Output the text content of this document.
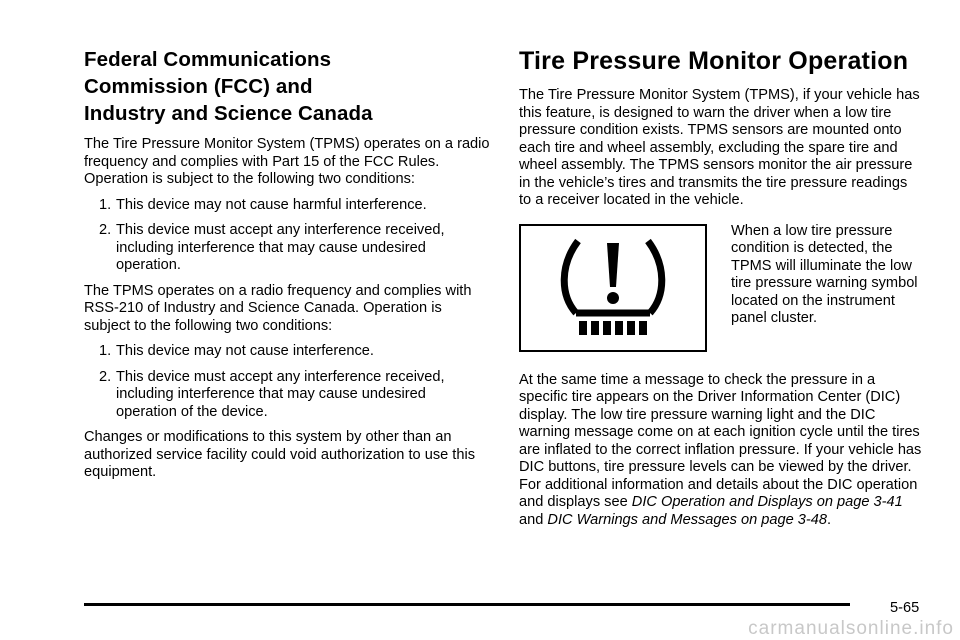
Federal Communications
Commission (FCC) and
Industry and Science Canada

The Tire Pressure Monitor System (TPMS) operates on a radio frequency and complies with Part 15 of the FCC Rules. Operation is subject to the following two conditions:

1. This device may not cause harmful interference.
2. This device must accept any interference received, including interference that may cause undesired operation.

The TPMS operates on a radio frequency and complies with RSS-210 of Industry and Science Canada. Operation is subject to the following two conditions:

1. This device may not cause interference.
2. This device must accept any interference received, including interference that may cause undesired operation of the device.

Changes or modifications to this system by other than an authorized service facility could void authorization to use this equipment.

Tire Pressure Monitor Operation

The Tire Pressure Monitor System (TPMS), if your vehicle has this feature, is designed to warn the driver when a low tire pressure condition exists. TPMS sensors are mounted onto each tire and wheel assembly, excluding the spare tire and wheel assembly. The TPMS sensors monitor the air pressure in the vehicle’s tires and transmits the tire pressure readings to a receiver located in the vehicle.

When a low tire pressure condition is detected, the TPMS will illuminate the low tire pressure warning symbol located on the instrument panel cluster.

At the same time a message to check the pressure in a specific tire appears on the Driver Information Center (DIC) display. The low tire pressure warning light and the DIC warning message come on at each ignition cycle until the tires are inflated to the correct inflation pressure. If your vehicle has DIC buttons, tire pressure levels can be viewed by the driver. For additional information and details about the DIC operation and displays see DIC Operation and Displays on page 3-41 and DIC Warnings and Messages on page 3-48.

5-65
carmanualsonline.info
